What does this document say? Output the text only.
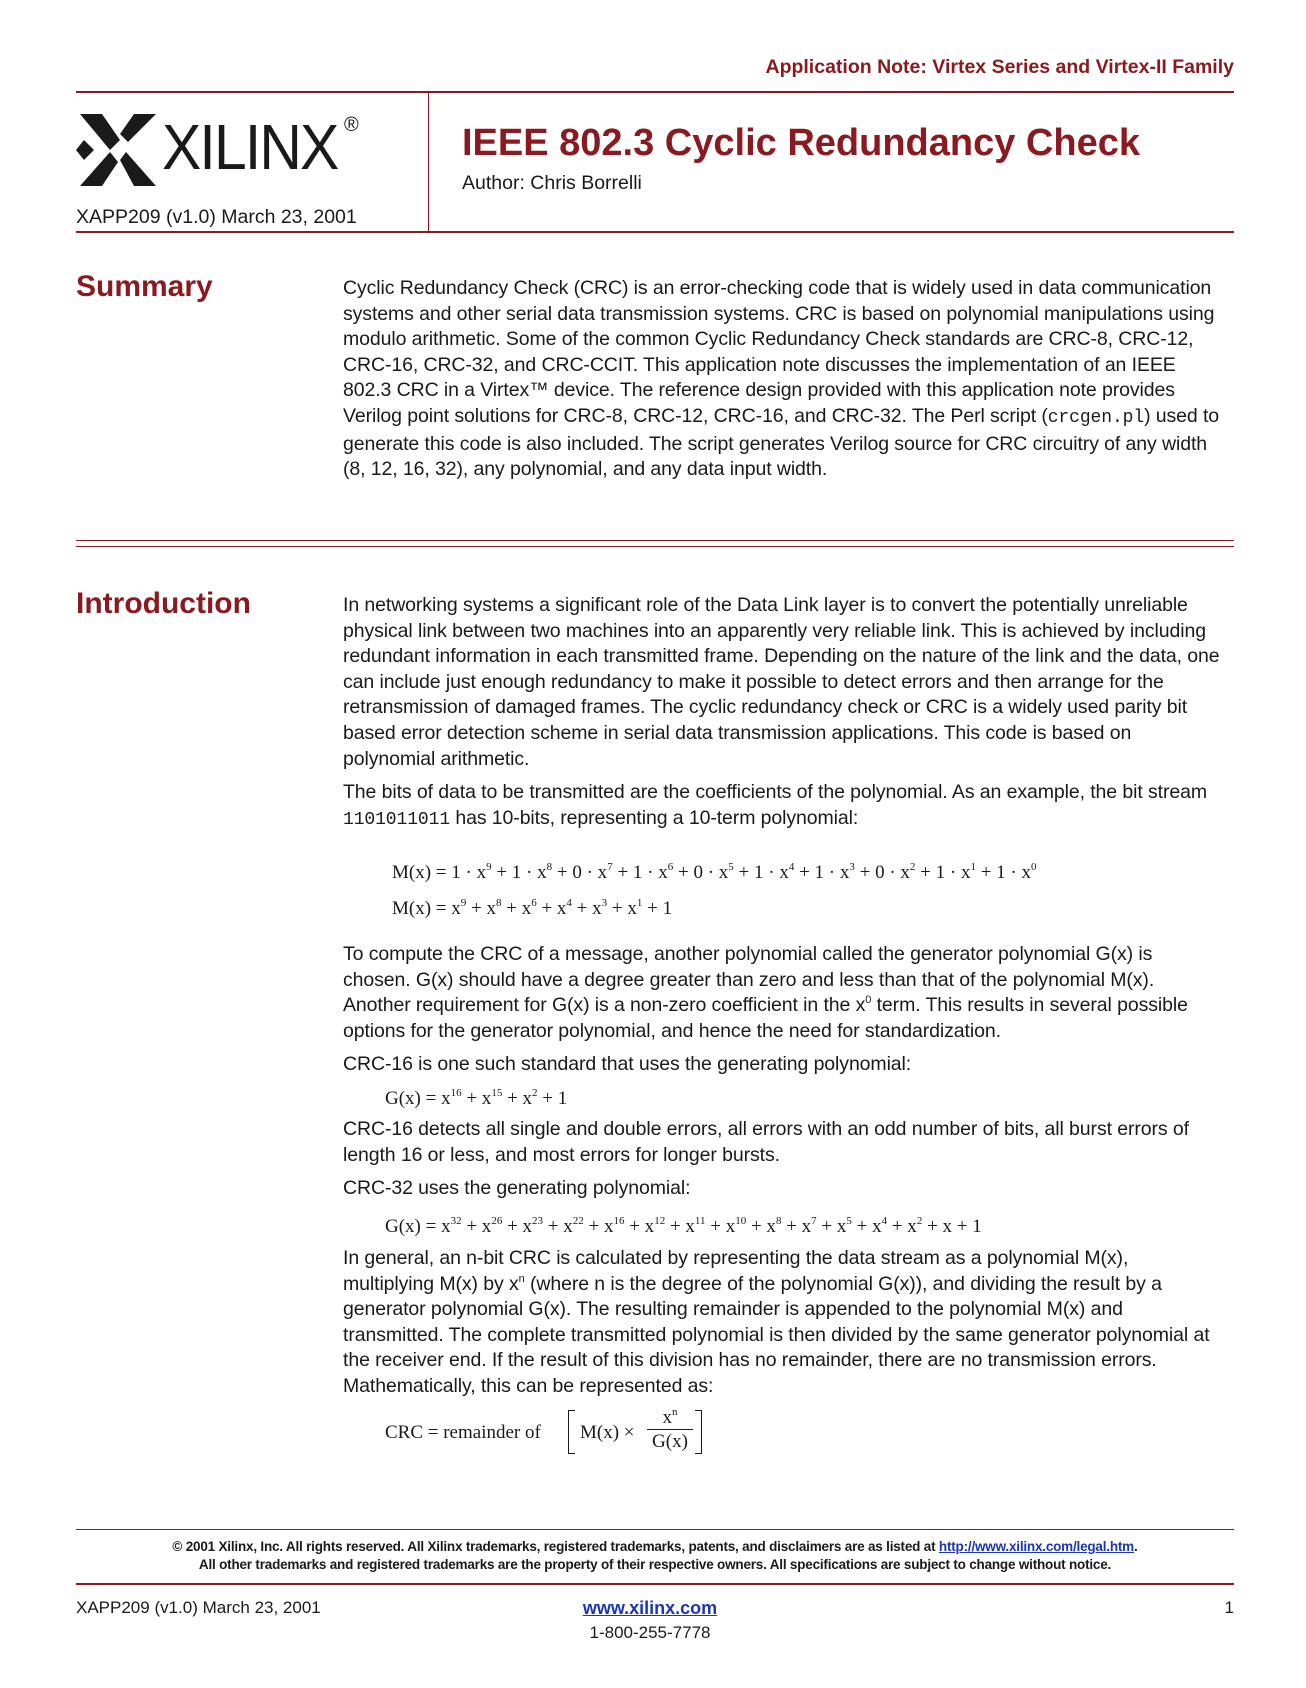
Application Note: Virtex Series and Virtex-II Family
XILINX ®
XAPP209 (v1.0) March 23, 2001
IEEE 802.3 Cyclic Redundancy Check
Author: Chris Borrelli
Summary	Cyclic Redundancy Check (CRC) is an error-checking code that is widely used in data communication systems and other serial data transmission systems. CRC is based on polynomial manipulations using modulo arithmetic. Some of the common Cyclic Redundancy Check standards are CRC-8, CRC-12, CRC-16, CRC-32, and CRC-CCIT. This application note discusses the implementation of an IEEE 802.3 CRC in a Virtex™ device. The reference design provided with this application note provides Verilog point solutions for CRC-8, CRC-12, CRC-16, and CRC-32. The Perl script (crcgen.pl) used to generate this code is also included. The script generates Verilog source for CRC circuitry of any width (8, 12, 16, 32), any polynomial, and any data input width.

Introduction	In networking systems a significant role of the Data Link layer is to convert the potentially unreliable physical link between two machines into an apparently very reliable link. This is achieved by including redundant information in each transmitted frame. Depending on the nature of the link and the data, one can include just enough redundancy to make it possible to detect errors and then arrange for the retransmission of damaged frames. The cyclic redundancy check or CRC is a widely used parity bit based error detection scheme in serial data transmission applications. This code is based on polynomial arithmetic.

The bits of data to be transmitted are the coefficients of the polynomial. As an example, the bit stream 1101011011 has 10-bits, representing a 10-term polynomial:

$M(x) = 1 \cdot x^9 + 1 \cdot x^8 + 0 \cdot x^7 + 1 \cdot x^6 + 0 \cdot x^5 + 1 \cdot x^4 + 1 \cdot x^3 + 0 \cdot x^2 + 1 \cdot x^1 + 1 \cdot x^0$
$M(x) = x^9 + x^8 + x^6 + x^4 + x^3 + x^1 + 1$

To compute the CRC of a message, another polynomial called the generator polynomial G(x) is chosen. G(x) should have a degree greater than zero and less than that of the polynomial M(x). Another requirement for G(x) is a non-zero coefficient in the $x^0$ term. This results in several possible options for the generator polynomial, and hence the need for standardization.

CRC-16 is one such standard that uses the generating polynomial:

$G(x) = x^{16} + x^{15} + x^2 + 1$

CRC-16 detects all single and double errors, all errors with an odd number of bits, all burst errors of length 16 or less, and most errors for longer bursts.

CRC-32 uses the generating polynomial:

$G(x) = x^{32} + x^{26} + x^{23} + x^{22} + x^{16} + x^{12} + x^{11} + x^{10} + x^8 + x^7 + x^5 + x^4 + x^2 + x + 1$

In general, an n-bit CRC is calculated by representing the data stream as a polynomial M(x), multiplying M(x) by $x^n$ (where n is the degree of the polynomial G(x)), and dividing the result by a generator polynomial G(x). The resulting remainder is appended to the polynomial M(x) and transmitted. The complete transmitted polynomial is then divided by the same generator polynomial at the receiver end. If the result of this division has no remainder, there are no transmission errors. Mathematically, this can be represented as:

CRC = remainder of M(x) ×
$x^n$
G(x)
© 2001 Xilinx, Inc. All rights reserved. All Xilinx trademarks, registered trademarks, patents, and disclaimers are as listed at http://www.xilinx.com/legal.htm.
All other trademarks and registered trademarks are the property of their respective owners. All specifications are subject to change without notice.
XAPP209 (v1.0) March 23, 2001	www.xilinx.com
1-800-255-7778
1
